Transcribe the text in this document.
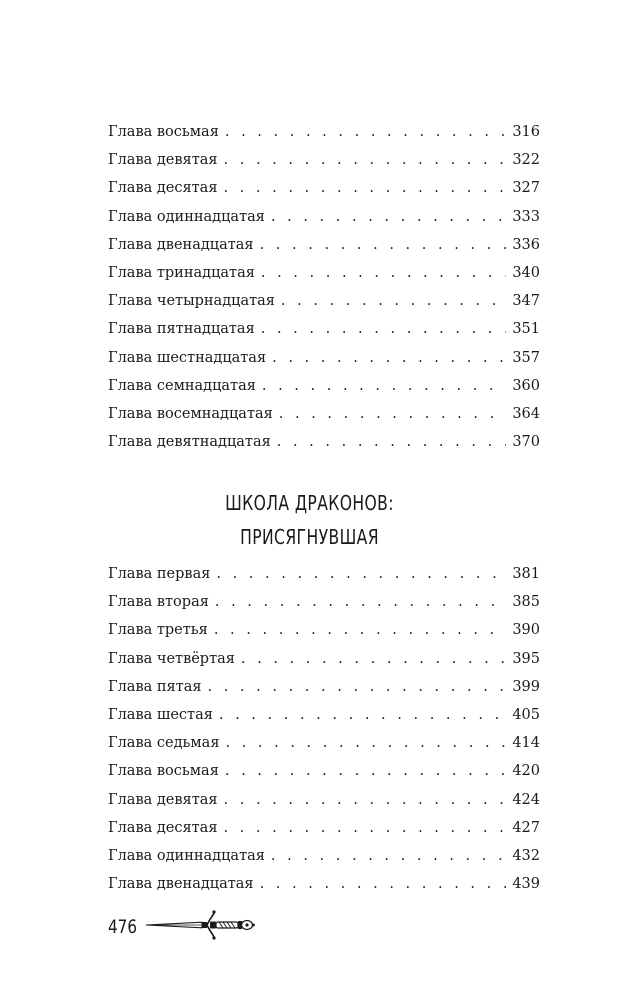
Глава восьмая . . .	316
Глава девятая . . .	322
Глава десятая . . .	327
Глава одиннадцатая . . .	333
Глава двенадцатая . . .	336
Глава тринадцатая . . .	340
Глава четырнадцатая . . .	347
Глава пятнадцатая . . .	351
Глава шестнадцатая . . .	357
Глава семнадцатая . . .	360
Глава восемнадцатая . . .	364
Глава девятнадцатая . . .	370
ШКОЛА ДРАКОНОВ:
ПРИСЯГНУВШАЯ
Глава первая . . .	381
Глава вторая . . .	385
Глава третья . . .	390
Глава четвёртая . . .	395
Глава пятая . . .	399
Глава шестая . . .	405
Глава седьмая . . .	414
Глава восьмая . . .	420
Глава девятая . . .	424
Глава десятая . . .	427
Глава одиннадцатая . . .	432
Глава двенадцатая . . .	439
476
